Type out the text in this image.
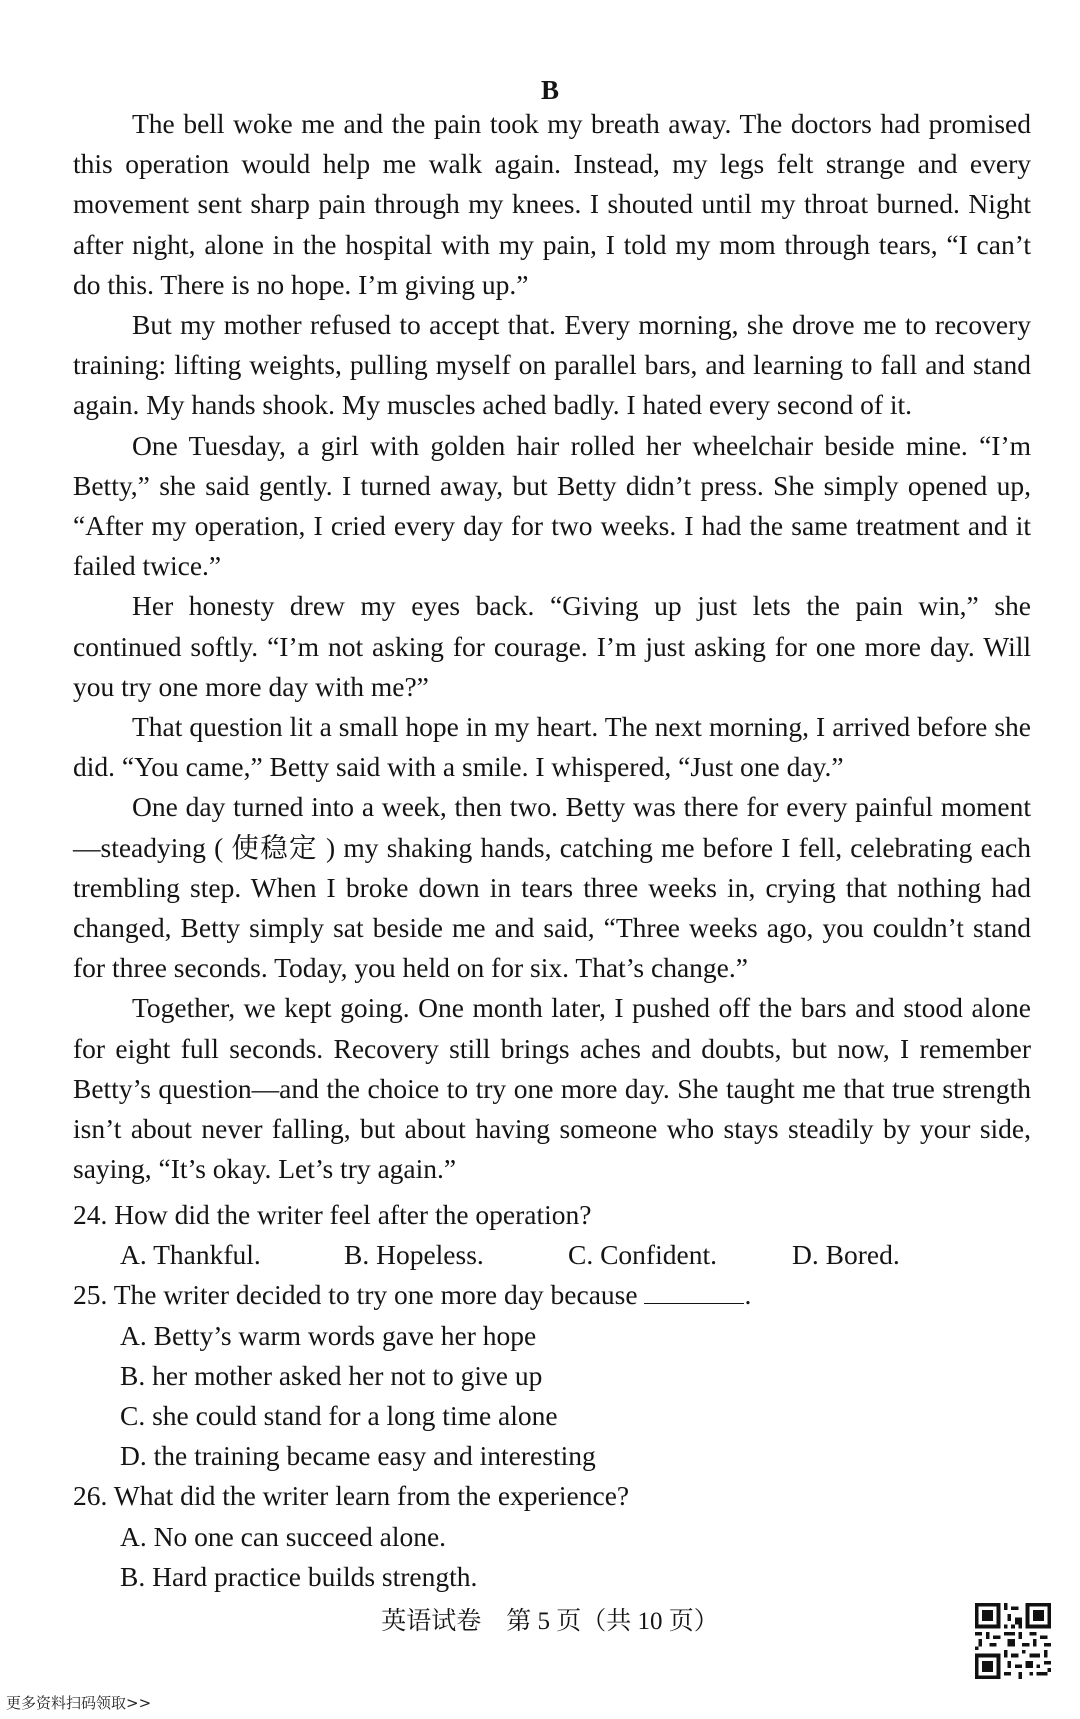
B

The bell woke me and the pain took my breath away. The doctors had promised this operation would help me walk again. Instead, my legs felt strange and every movement sent sharp pain through my knees. I shouted until my throat burned. Night after night, alone in the hospital with my pain, I told my mom through tears, “I can’t do this. There is no hope. I’m giving up.”

But my mother refused to accept that. Every morning, she drove me to recovery training: lifting weights, pulling myself on parallel bars, and learning to fall and stand again. My hands shook. My muscles ached badly. I hated every second of it.

One Tuesday, a girl with golden hair rolled her wheelchair beside mine. “I’m Betty,” she said gently. I turned away, but Betty didn’t press. She simply opened up, “After my operation, I cried every day for two weeks. I had the same treatment and it failed twice.”

Her honesty drew my eyes back. “Giving up just lets the pain win,” she continued softly. “I’m not asking for courage. I’m just asking for one more day. Will you try one more day with me?”

That question lit a small hope in my heart. The next morning, I arrived before she did. “You came,” Betty said with a smile. I whispered, “Just one day.”

One day turned into a week, then two. Betty was there for every painful moment—steadying ( 使稳定 ) my shaking hands, catching me before I fell, celebrating each trembling step. When I broke down in tears three weeks in, crying that nothing had changed, Betty simply sat beside me and said, “Three weeks ago, you couldn’t stand for three seconds. Today, you held on for six. That’s change.”

Together, we kept going. One month later, I pushed off the bars and stood alone for eight full seconds. Recovery still brings aches and doubts, but now, I remember Betty’s question—and the choice to try one more day. She taught me that true strength isn’t about never falling, but about having someone who stays steadily by your side, saying, “It’s okay. Let’s try again.”

24. How did the writer feel after the operation?

A. Thankful.	B. Hopeless.	C. Confident.	D. Bored.

25. The writer decided to try one more day because	.

A. Betty’s warm words gave her hope
B. her mother asked her not to give up
C. she could stand for a long time alone
D. the training became easy and interesting

26. What did the writer learn from the experience?

A. No one can succeed alone.
B. Hard practice builds strength.
英语试卷　第 5 页（共 10 页）
更多资料扫码领取>>
